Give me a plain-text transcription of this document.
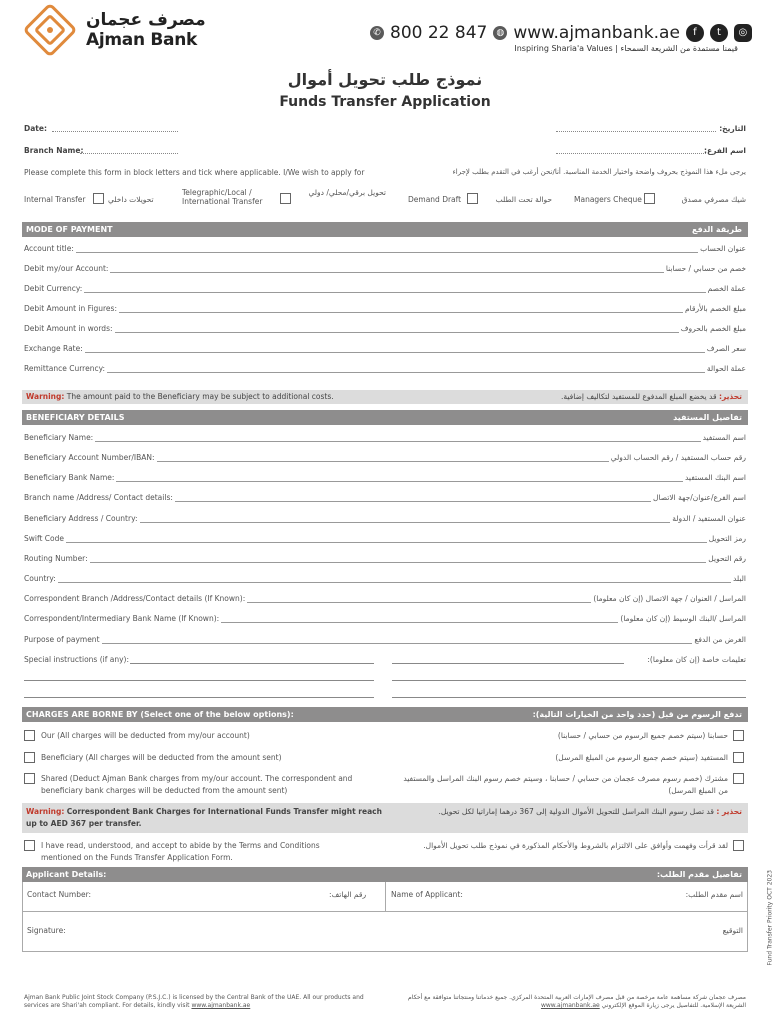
مصرف عجمان
Ajman Bank	✆ 800 22 847	◍ www.ajmanbank.ae	f	t	◎
Inspiring Sharia'a Values | قيمنا مستمدة من الشريعة السمحاء
نموذج طلب تحويل أموال
Funds Transfer Application
Date:	التاريخ:
Branch Name:	اسم الفرع:
Please complete this form in block letters and tick where applicable. I/We wish to apply for	يرجى ملء هذا النموذج بحروف واضحة واختيار الخدمة المناسبة. أنا/نحن أرغب في التقدم بطلب لإجراء
Internal Transfer	تحويلات داخلي
Telegraphic/Local / International Transfer
تحويل برقي/محلي/ دولي
Demand Draft	حوالة تحت الطلب	Managers Cheque	شيك مصرفي مصدق
MODE OF PAYMENT	طريقة الدفع
Account title:	عنوان الحساب
Debit my/our Account:	خصم من حسابي / حسابنا
Debit Currency:	عملة الخصم
Debit Amount in Figures:	مبلغ الخصم بالأرقام
Debit Amount in words:	مبلغ الخصم بالحروف
Exchange Rate:	سعر الصرف
Remittance Currency:	عملة الحوالة
Warning: The amount paid to the Beneficiary may be subject to additional costs.	تحذير: قد يخضع المبلغ المدفوع للمستفيد لتكاليف إضافية.
BENEFICIARY DETAILS	تفاصيل المستفيد
Beneficiary Name:	اسم المستفيد
Beneficiary Account Number/IBAN:	رقم حساب المستفيد / رقم الحساب الدولي
Beneficiary Bank Name:	اسم البنك المستفيد
Branch name /Address/ Contact details:	اسم الفرع/عنوان/جهة الاتصال
Beneficiary Address / Country:	عنوان المستفيد / الدولة
Swift Code	رمز التحويل
Routing Number:	رقم التحويل
Country:	البلد
Correspondent Branch /Address/Contact details (If Known):	المراسل / العنوان / جهة الاتصال (إن كان معلوما)
Correspondent/Intermediary Bank Name (If Known):	المراسل /البنك الوسيط (إن كان معلوما)
Purpose of payment	الغرض من الدفع
Special instructions (if any):	تعليمات خاصة (إن كان معلوما):
CHARGES ARE BORNE BY (Select one of the below options):	تدفع الرسوم من قبل (حدد واحد من الخيارات التالية):
Our (All charges will be deducted from my/our account)	حسابنا (سيتم خصم جميع الرسوم من حسابي / حسابنا)
Beneficiary (All charges will be deducted from the amount sent)	المستفيد (سيتم خصم جميع الرسوم من المبلغ المرسل)
Shared (Deduct Ajman Bank charges from my/our account. The correspondent and beneficiary bank charges will be deducted from the amount sent)
مشترك (خصم رسوم مصرف عجمان من حسابي / حسابنا ، وسيتم خصم رسوم البنك المراسل والمستفيد من المبلغ المرسل)
Warning: Correspondent Bank Charges for International Funds Transfer might reach up to AED 367 per transfer.
تحذير : قد تصل رسوم البنك المراسل للتحويل الأموال الدولية إلى 367 درهما إماراتيا لكل تحويل.
I have read, understood, and accept to abide by the Terms and Conditions mentioned on the Funds Transfer Application Form.
لقد قرأت وفهمت وأوافق على الالتزام بالشروط والأحكام المذكورة في نموذج طلب تحويل الأموال.
Applicant Details:	تفاصيل مقدم الطلب:
Contact Number:	رقم الهاتف:	Name of Applicant:	اسم مقدم الطلب:
Signature:	التوقيع	Fund Transfer Priority OCT 2023
Ajman Bank Public Joint Stock Company (P.S.J.C.) is licensed by the Central Bank of the UAE. All our products and services are Shari'ah compliant. For details, kindly visit www.ajmanbank.ae
مصرف عجمان شركة مساهمة عامة مرخصة من قبل مصرف الإمارات العربية المتحدة المركزي. جميع خدماتنا ومنتجاتنا متوافقة مع أحكام الشريعة الإسلامية. للتفاصيل يرجى زيارة الموقع الإلكتروني www.ajmanbank.ae
